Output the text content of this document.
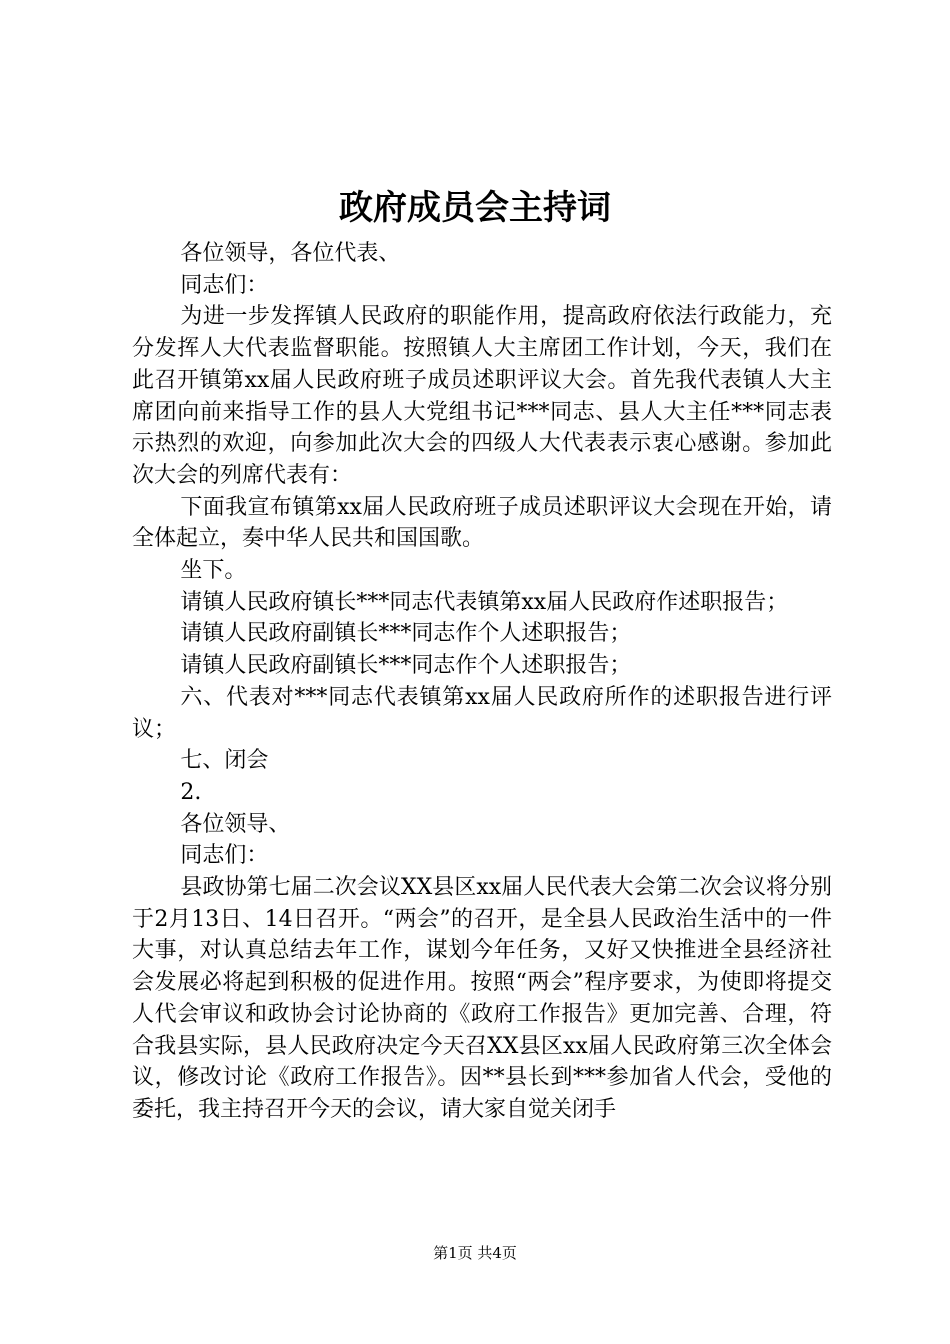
政府成员会主持词

各位领导，各位代表、

同志们：

为进一步发挥镇人民政府的职能作用，提高政府依法行政能力，充分发挥人大代表监督职能。按照镇人大主席团工作计划，今天，我们在此召开镇第xx届人民政府班子成员述职评议大会。首先我代表镇人大主席团向前来指导工作的县人大党组书记***同志、县人大主任***同志表示热烈的欢迎，向参加此次大会的四级人大代表表示衷心感谢。参加此次大会的列席代表有：

下面我宣布镇第xx届人民政府班子成员述职评议大会现在开始，请全体起立，奏中华人民共和国国歌。

坐下。

请镇人民政府镇长***同志代表镇第xx届人民政府作述职报告；

请镇人民政府副镇长***同志作个人述职报告；

请镇人民政府副镇长***同志作个人述职报告；

六、代表对***同志代表镇第xx届人民政府所作的述职报告进行评议；

七、闭会

2.

各位领导、

同志们：

县政协第七届二次会议XX县区xx届人民代表大会第二次会议将分别于2月13日、14日召开。“两会”的召开，是全县人民政治生活中的一件大事，对认真总结去年工作，谋划今年任务，又好又快推进全县经济社会发展必将起到积极的促进作用。按照“两会”程序要求，为使即将提交人代会审议和政协会讨论协商的《政府工作报告》更加完善、合理，符合我县实际，县人民政府决定今天召XX县区xx届人民政府第三次全体会议，修改讨论《政府工作报告》。因**县长到***参加省人代会，受他的委托，我主持召开今天的会议，请大家自觉关闭手

第1页 共4页
